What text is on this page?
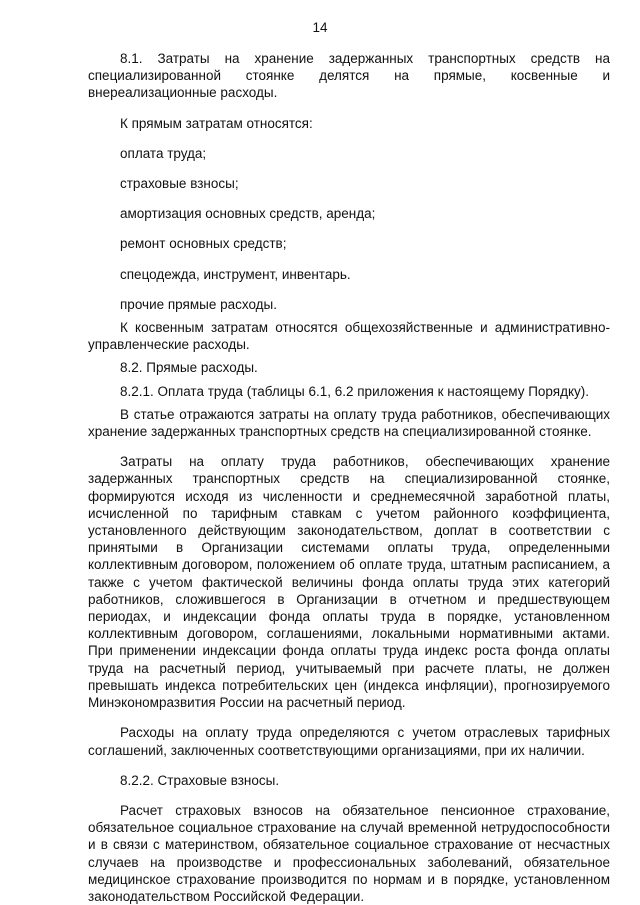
14

8.1. Затраты на хранение задержанных транспортных средств на специализированной стоянке делятся на прямые, косвенные и внереализационные расходы.

К прямым затратам относятся:

оплата труда;

страховые взносы;

амортизация основных средств, аренда;

ремонт основных средств;

спецодежда, инструмент, инвентарь.

прочие прямые расходы.

К косвенным затратам относятся общехозяйственные и административно-управленческие расходы.

8.2. Прямые расходы.

8.2.1. Оплата труда (таблицы 6.1, 6.2 приложения к настоящему Порядку).

В статье отражаются затраты на оплату труда работников, обеспечивающих хранение задержанных транспортных средств на специализированной стоянке.

Затраты на оплату труда работников, обеспечивающих хранение задержанных транспортных средств на специализированной стоянке, формируются исходя из численности и среднемесячной заработной платы, исчисленной по тарифным ставкам с учетом районного коэффициента, установленного действующим законодательством, доплат в соответствии с принятыми в Организации системами оплаты труда, определенными коллективным договором, положением об оплате труда, штатным расписанием, а также с учетом фактической величины фонда оплаты труда этих категорий работников, сложившегося в Организации в отчетном и предшествующем периодах, и индексации фонда оплаты труда в порядке, установленном коллективным договором, соглашениями, локальными нормативными актами. При применении индексации фонда оплаты труда индекс роста фонда оплаты труда на расчетный период, учитываемый при расчете платы, не должен превышать индекса потребительских цен (индекса инфляции), прогнозируемого Минэкономразвития России на расчетный период.

Расходы на оплату труда определяются с учетом отраслевых тарифных соглашений, заключенных соответствующими организациями, при их наличии.

8.2.2. Страховые взносы.

Расчет страховых взносов на обязательное пенсионное страхование, обязательное социальное страхование на случай временной нетрудоспособности и в связи с материнством, обязательное социальное страхование от несчастных случаев на производстве и профессиональных заболеваний, обязательное медицинское страхование производится по нормам и в порядке, установленном законодательством Российской Федерации.
